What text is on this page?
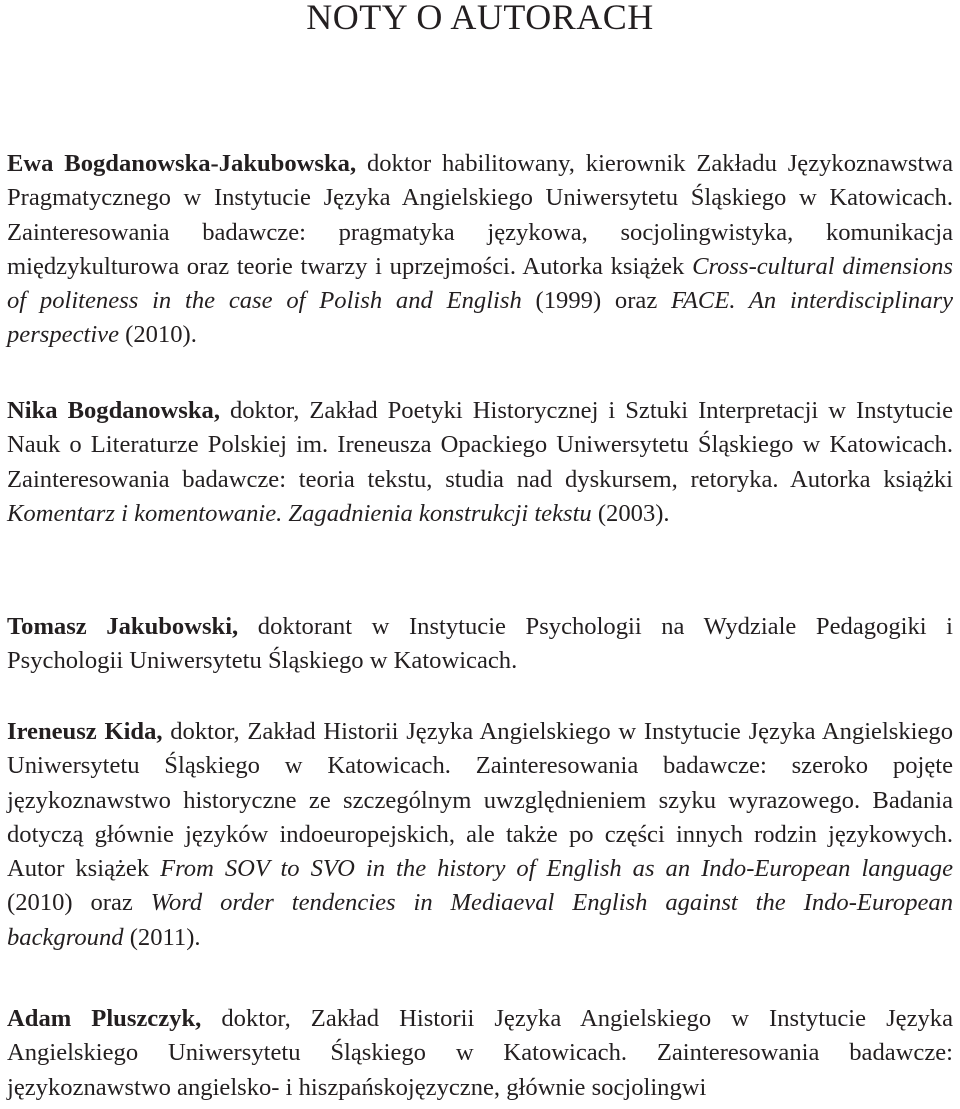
NOTY O AUTORACH

Ewa Bogdanowska-Jakubowska, doktor habilitowany, kierownik Zakładu Językoznawstwa Pragmatycznego w Instytucie Języka Angielskiego Uniwersytetu Śląskiego w Katowicach. Zainteresowania badawcze: pragmatyka językowa, socjolingwistyka, komunikacja międzykulturowa oraz teorie twarzy i uprzejmości. Autorka książek Cross-cultural dimensions of politeness in the case of Polish and English (1999) oraz FACE. An interdisciplinary perspective (2010).

Nika Bogdanowska, doktor, Zakład Poetyki Historycznej i Sztuki Interpretacji w Instytucie Nauk o Literaturze Polskiej im. Ireneusza Opackiego Uniwersytetu Śląskiego w Katowicach. Zainteresowania badawcze: teoria tekstu, studia nad dyskursem, retoryka. Autorka książki Komentarz i komentowanie. Zagadnienia konstrukcji tekstu (2003).

Tomasz Jakubowski, doktorant w Instytucie Psychologii na Wydziale Pedagogiki i Psychologii Uniwersytetu Śląskiego w Katowicach.

Ireneusz Kida, doktor, Zakład Historii Języka Angielskiego w Instytucie Języka Angielskiego Uniwersytetu Śląskiego w Katowicach. Zainteresowania badawcze: szeroko pojęte językoznawstwo historyczne ze szczególnym uwzględnieniem szyku wyrazowego. Badania dotyczą głównie języków indoeuropejskich, ale także po części innych rodzin językowych. Autor książek From SOV to SVO in the history of English as an Indo-European language (2010) oraz Word order tendencies in Mediaeval English against the Indo-European background (2011).

Adam Pluszczyk, doktor, Zakład Historii Języka Angielskiego w Instytucie Języka Angielskiego Uniwersytetu Śląskiego w Katowicach. Zainteresowania badawcze: językoznawstwo angielsko- i hiszpańskojęzyczne, głównie socjolingwi
